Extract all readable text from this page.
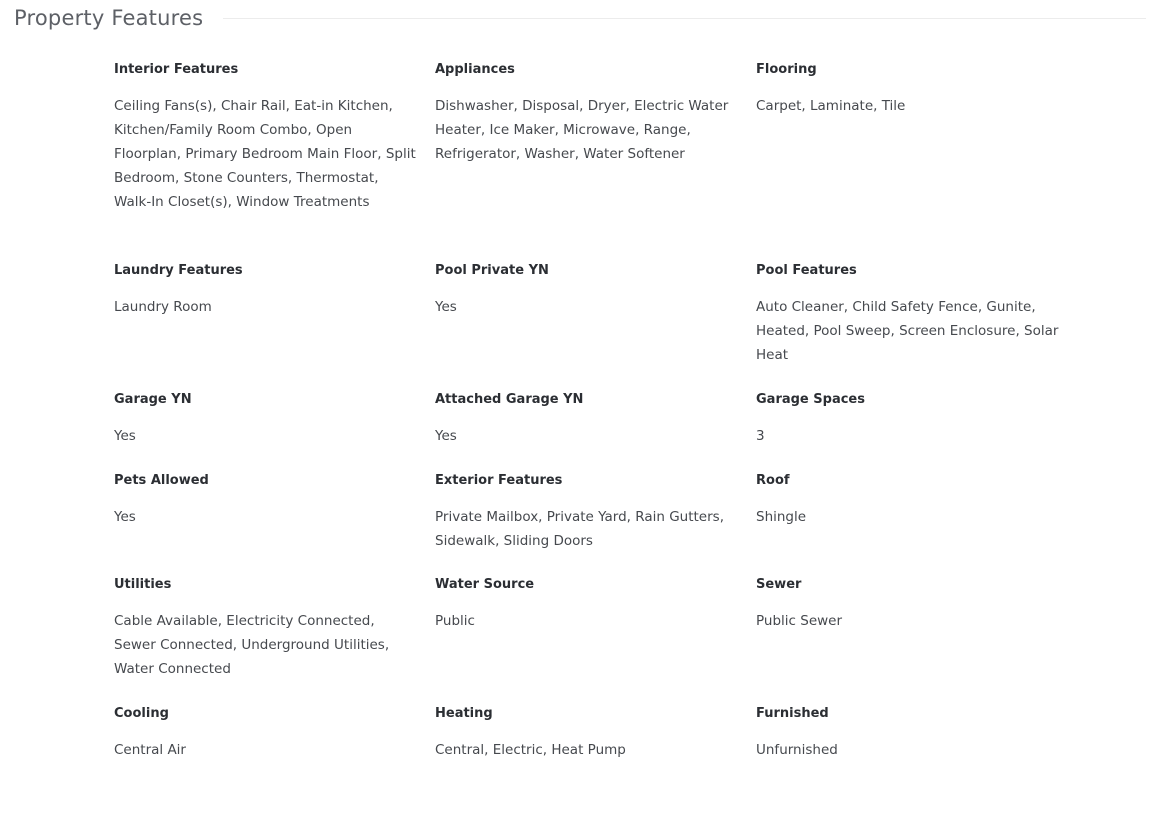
Property Features
Interior Features
Ceiling Fans(s), Chair Rail, Eat-in Kitchen, Kitchen/Family Room Combo, Open Floorplan, Primary Bedroom Main Floor, Split Bedroom, Stone Counters, Thermostat, Walk-In Closet(s), Window Treatments
Appliances
Dishwasher, Disposal, Dryer, Electric Water Heater, Ice Maker, Microwave, Range, Refrigerator, Washer, Water Softener
Flooring
Carpet, Laminate, Tile
Laundry Features
Laundry Room
Pool Private YN
Yes
Pool Features
Auto Cleaner, Child Safety Fence, Gunite, Heated, Pool Sweep, Screen Enclosure, Solar Heat
Garage YN
Yes
Attached Garage YN
Yes
Garage Spaces
3
Pets Allowed
Yes
Exterior Features
Private Mailbox, Private Yard, Rain Gutters, Sidewalk, Sliding Doors
Roof
Shingle
Utilities
Cable Available, Electricity Connected, Sewer Connected, Underground Utilities, Water Connected
Water Source
Public
Sewer
Public Sewer
Cooling
Central Air
Heating
Central, Electric, Heat Pump
Furnished
Unfurnished
